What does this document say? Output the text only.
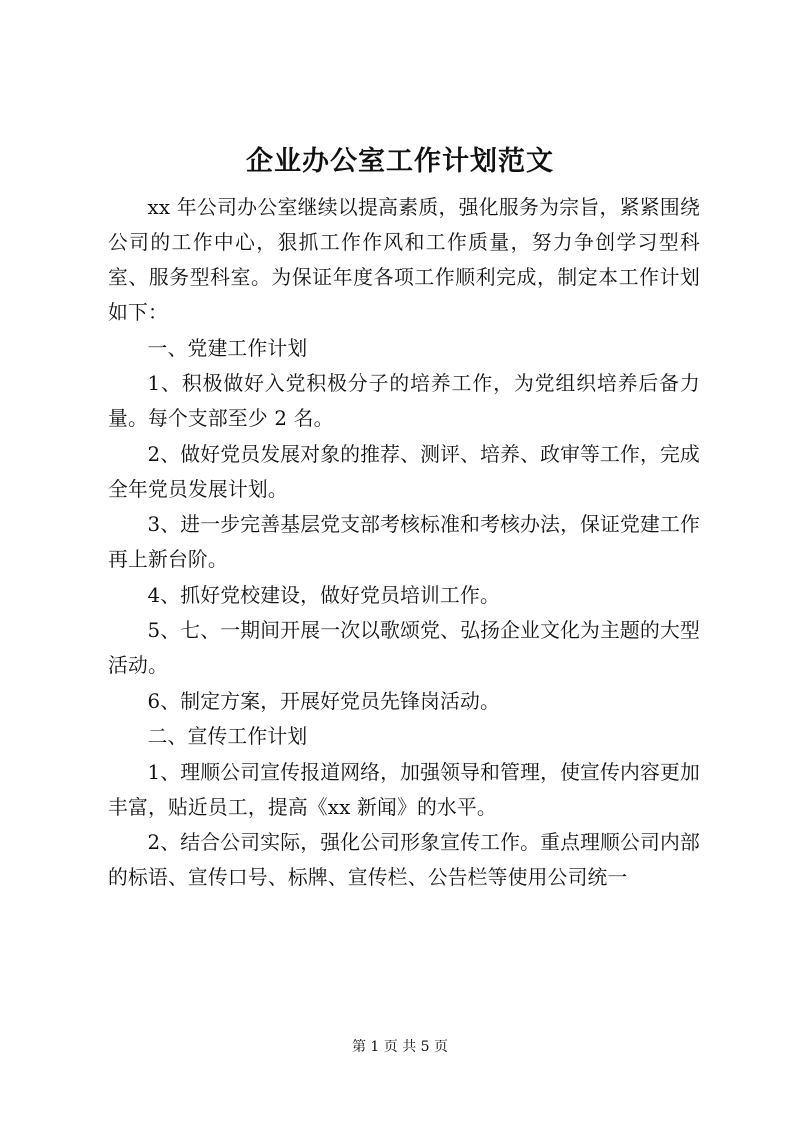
企业办公室工作计划范文

xx 年公司办公室继续以提高素质，强化服务为宗旨，紧紧围绕公司的工作中心，狠抓工作作风和工作质量，努力争创学习型科室、服务型科室。为保证年度各项工作顺利完成，制定本工作计划如下：

一、党建工作计划

1、积极做好入党积极分子的培养工作，为党组织培养后备力量。每个支部至少 2 名。

2、做好党员发展对象的推荐、测评、培养、政审等工作，完成全年党员发展计划。

3、进一步完善基层党支部考核标准和考核办法，保证党建工作再上新台阶。

4、抓好党校建设，做好党员培训工作。

5、七、一期间开展一次以歌颂党、弘扬企业文化为主题的大型活动。

6、制定方案，开展好党员先锋岗活动。

二、宣传工作计划

1、理顺公司宣传报道网络，加强领导和管理，使宣传内容更加丰富，贴近员工，提高《xx 新闻》的水平。

2、结合公司实际，强化公司形象宣传工作。重点理顺公司内部的标语、宣传口号、标牌、宣传栏、公告栏等使用公司统一

第 1 页 共 5 页
